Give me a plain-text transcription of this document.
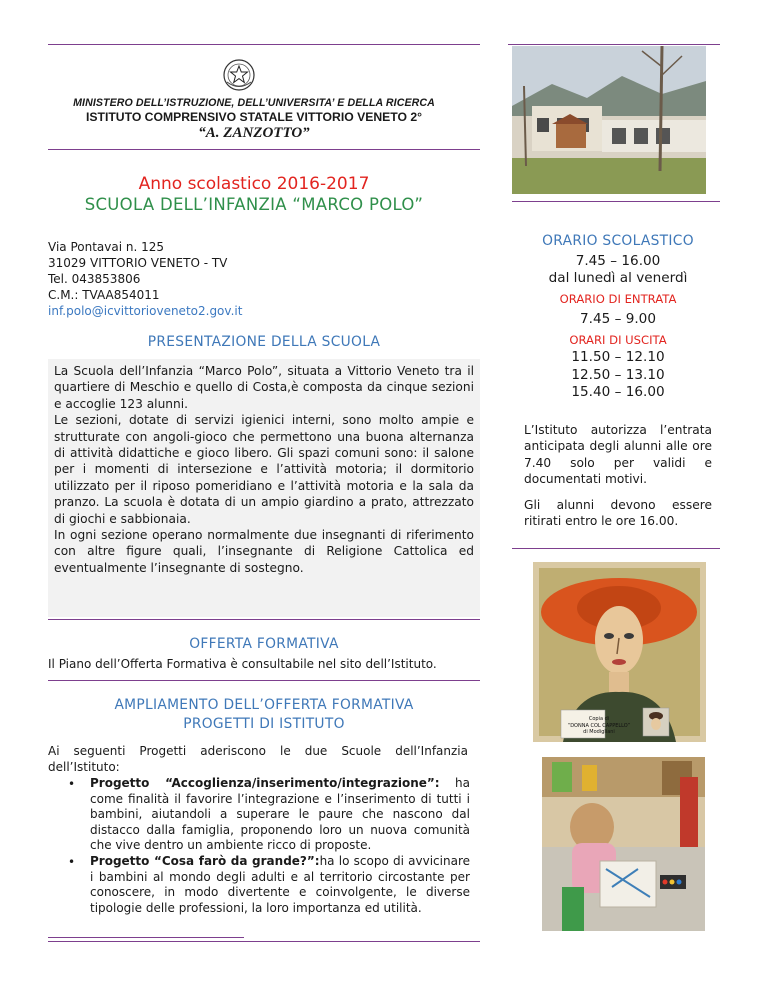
MINISTERO DELL’ISTRUZIONE, DELL’UNIVERSITA’ E DELLA RICERCA
ISTITUTO COMPRENSIVO STATALE VITTORIO VENETO 2°
“A. ZANZOTTO”
Anno scolastico 2016-2017
SCUOLA DELL’INFANZIA “MARCO POLO”
Via Pontavai n. 125
31029 VITTORIO VENETO - TV
Tel. 043853806
C.M.: TVAA854011
inf.polo@icvittorioveneto2.gov.it
PRESENTAZIONE DELLA SCUOLA
La Scuola dell’Infanzia “Marco Polo”, situata a Vittorio Veneto tra il quartiere di Meschio e quello di Costa,è composta da cinque sezioni e accoglie 123 alunni.
Le sezioni, dotate di servizi igienici interni, sono molto ampie e strutturate con angoli-gioco che permettono una buona alternanza di attività didattiche e gioco libero. Gli spazi comuni sono: il salone per i momenti di intersezione e l’attività motoria; il dormitorio utilizzato per il riposo pomeridiano e l’attività motoria e la sala da pranzo. La scuola è dotata di un ampio giardino a prato, attrezzato di giochi e sabbionaia.
In ogni sezione operano normalmente due insegnanti di riferimento con altre figure quali, l’insegnante di Religione Cattolica ed eventualmente l’insegnante di sostegno.
OFFERTA FORMATIVA
Il Piano dell’Offerta Formativa è consultabile nel sito dell’Istituto.
AMPLIAMENTO DELL’OFFERTA FORMATIVA
PROGETTI DI ISTITUTO
Ai seguenti Progetti aderiscono le due Scuole dell’Infanzia dell’Istituto:
• Progetto “Accoglienza/inserimento/integrazione”: ha come finalità il favorire l’integrazione e l’inserimento di tutti i bambini, aiutandoli a superare le paure che nascono dal distacco dalla famiglia, proponendo loro un nuova comunità che vive dentro un ambiente ricco di proposte.
• Progetto “Cosa farò da grande?”:ha lo scopo di avvicinare i bambini al mondo degli adulti e al territorio circostante per conoscere, in modo divertente e coinvolgente, le diverse tipologie delle professioni, la loro importanza ed utilità.
ORARIO SCOLASTICO
7.45 – 16.00
dal lunedì al venerdì
ORARIO DI ENTRATA
7.45 – 9.00
ORARI DI USCITA
11.50 – 12.10
12.50 – 13.10
15.40 – 16.00
L’Istituto autorizza l’entrata anticipata degli alunni alle ore 7.40 solo per validi e documentati motivi.
Gli alunni devono essere ritirati entro le ore 16.00.
Copia di
“DONNA COL CAPPELLO”
di Modigliani
